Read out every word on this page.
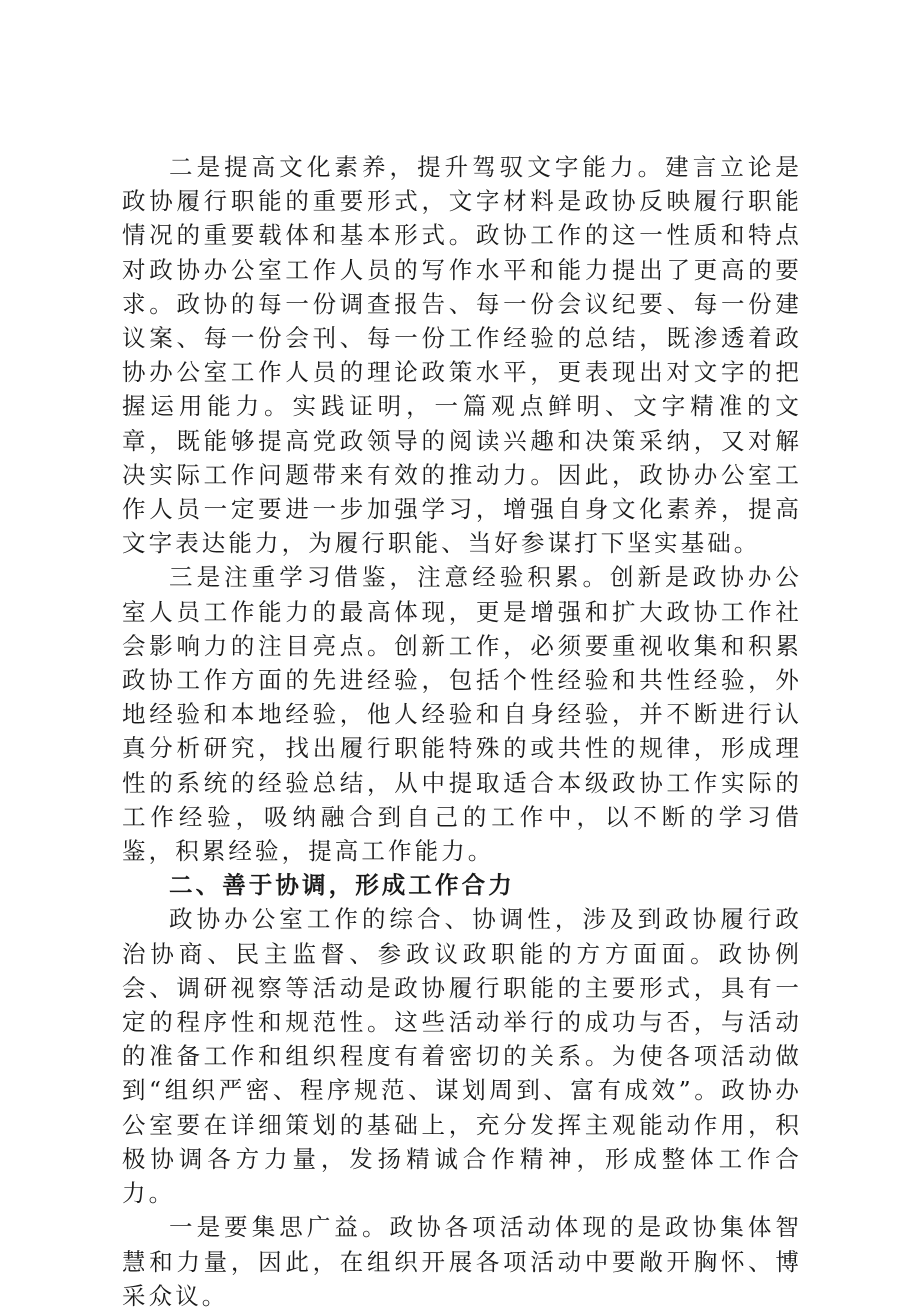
二是提高文化素养，提升驾驭文字能力。建言立论是政协履行职能的重要形式，文字材料是政协反映履行职能情况的重要载体和基本形式。政协工作的这一性质和特点对政协办公室工作人员的写作水平和能力提出了更高的要求。政协的每一份调查报告、每一份会议纪要、每一份建议案、每一份会刊、每一份工作经验的总结，既渗透着政协办公室工作人员的理论政策水平，更表现出对文字的把握运用能力。实践证明，一篇观点鲜明、文字精准的文章，既能够提高党政领导的阅读兴趣和决策采纳，又对解决实际工作问题带来有效的推动力。因此，政协办公室工作人员一定要进一步加强学习，增强自身文化素养，提高文字表达能力，为履行职能、当好参谋打下坚实基础。

三是注重学习借鉴，注意经验积累。创新是政协办公室人员工作能力的最高体现，更是增强和扩大政协工作社会影响力的注目亮点。创新工作，必须要重视收集和积累政协工作方面的先进经验，包括个性经验和共性经验，外地经验和本地经验，他人经验和自身经验，并不断进行认真分析研究，找出履行职能特殊的或共性的规律，形成理性的系统的经验总结，从中提取适合本级政协工作实际的工作经验，吸纳融合到自己的工作中，以不断的学习借鉴，积累经验，提高工作能力。

二、善于协调，形成工作合力

政协办公室工作的综合、协调性，涉及到政协履行政治协商、民主监督、参政议政职能的方方面面。政协例会、调研视察等活动是政协履行职能的主要形式，具有一定的程序性和规范性。这些活动举行的成功与否，与活动的准备工作和组织程度有着密切的关系。为使各项活动做到“组织严密、程序规范、谋划周到、富有成效”。政协办公室要在详细策划的基础上，充分发挥主观能动作用，积极协调各方力量，发扬精诚合作精神，形成整体工作合力。

一是要集思广益。政协各项活动体现的是政协集体智慧和力量，因此，在组织开展各项活动中要敞开胸怀、博采众议。
